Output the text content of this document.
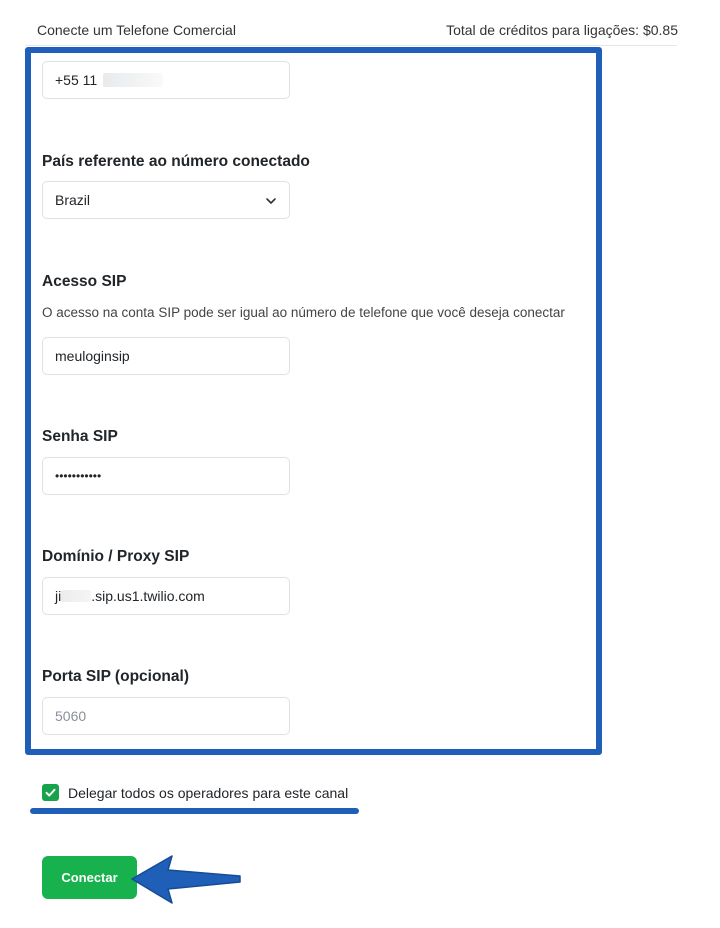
Conecte um Telefone Comercial	Total de créditos para ligações: $0.85
+55 11
País referente ao número conectado
Brazil
Acesso SIP
O acesso na conta SIP pode ser igual ao número de telefone que você deseja conectar
meuloginsip
Senha SIP
•••••••••••
Domínio / Proxy SIP
ji .sip.us1.twilio.com
Porta SIP (opcional)
5060
Delegar todos os operadores para este canal
Conectar
